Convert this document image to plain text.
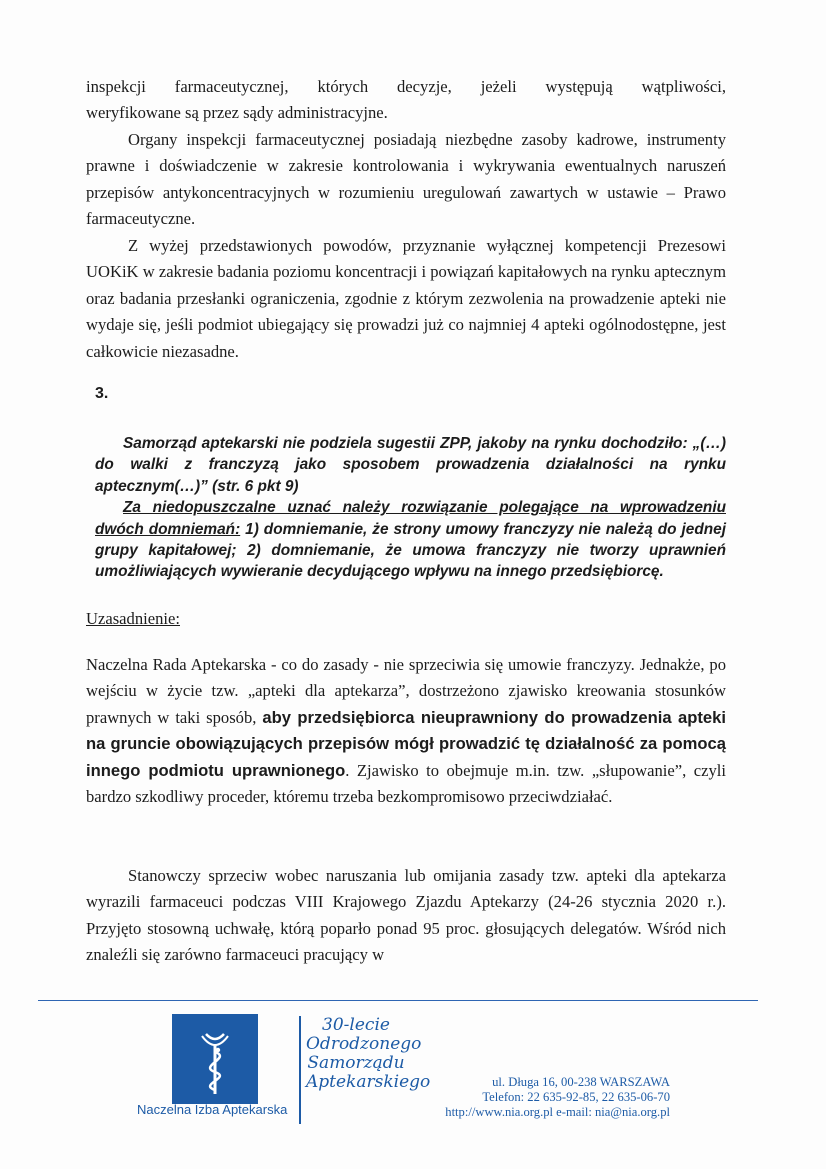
inspekcji farmaceutycznej, których decyzje, jeżeli występują wątpliwości,
weryfikowane są przez sądy administracyjne.

Organy inspekcji farmaceutycznej posiadają niezbędne zasoby kadrowe, instrumenty prawne i doświadczenie w zakresie kontrolowania i wykrywania ewentualnych naruszeń przepisów antykoncentracyjnych w rozumieniu uregulowań zawartych w ustawie – Prawo farmaceutyczne.

Z wyżej przedstawionych powodów, przyznanie wyłącznej kompetencji Prezesowi UOKiK w zakresie badania poziomu koncentracji i powiązań kapitałowych na rynku aptecznym oraz badania przesłanki ograniczenia, zgodnie z którym zezwolenia na prowadzenie apteki nie wydaje się, jeśli podmiot ubiegający się prowadzi już co najmniej 4 apteki ogólnodostępne, jest całkowicie niezasadne.

3.

Samorząd aptekarski nie podziela sugestii ZPP, jakoby na rynku dochodziło: „(…) do walki z franczyzą jako sposobem prowadzenia działalności na rynku aptecznym(…)” (str. 6 pkt 9)

Za niedopuszczalne uznać należy rozwiązanie polegające na wprowadzeniu dwóch domniemań: 1) domniemanie, że strony umowy franczyzy nie należą do jednej grupy kapitałowej; 2) domniemanie, że umowa franczyzy nie tworzy uprawnień umożliwiających wywieranie decydującego wpływu na innego przedsiębiorcę.

Uzasadnienie:

Naczelna Rada Aptekarska - co do zasady - nie sprzeciwia się umowie franczyzy. Jednakże, po wejściu w życie tzw. „apteki dla aptekarza”, dostrzeżono zjawisko kreowania stosunków prawnych w taki sposób, aby przedsiębiorca nieuprawniony do prowadzenia apteki na gruncie obowiązujących przepisów mógł prowadzić tę działalność za pomocą innego podmiotu uprawnionego. Zjawisko to obejmuje m.in. tzw. „słupowanie”, czyli bardzo szkodliwy proceder, któremu trzeba bezkompromisowo przeciwdziałać.

Stanowczy sprzeciw wobec naruszania lub omijania zasady tzw. apteki dla aptekarza wyrazili farmaceuci podczas VIII Krajowego Zjazdu Aptekarzy (24-26 stycznia 2020 r.). Przyjęto stosowną uchwałę, którą poparło ponad 95 proc. głosujących delegatów. Wśród nich znaleźli się zarówno farmaceuci pracujący w

Naczelna Izba Aptekarska
30-lecie
Odrodzonego
Samorządu
Aptekarskiego	ul. Długa 16, 00-238 WARSZAWA
Telefon: 22 635-92-85, 22 635-06-70
http://www.nia.org.pl e-mail: nia@nia.org.pl
